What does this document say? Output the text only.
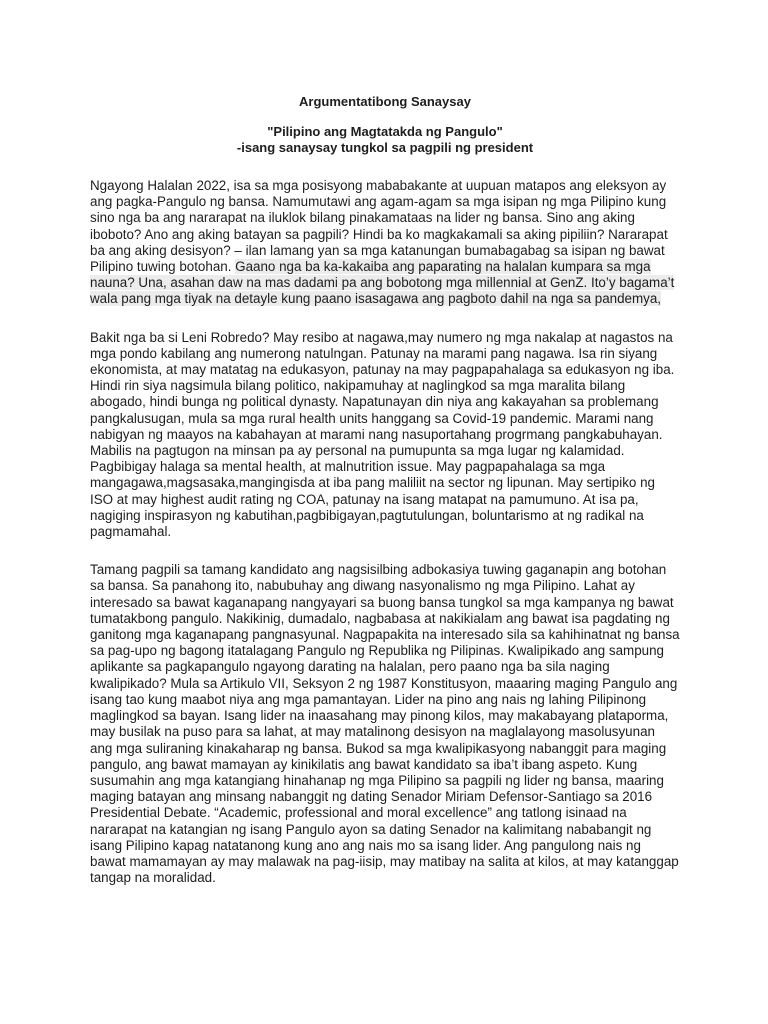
Argumentatibong Sanaysay

"Pilipino ang Magtatakda ng Pangulo"

-isang sanaysay tungkol sa pagpili ng president

Ngayong Halalan 2022, isa sa mga posisyong mababakante at uupuan matapos ang eleksyon ay ang pagka-Pangulo ng bansa. Namumutawi ang agam-agam sa mga isipan ng mga Pilipino kung sino nga ba ang nararapat na iluklok bilang pinakamataas na lider ng bansa. Sino ang aking iboboto? Ano ang aking batayan sa pagpili? Hindi ba ko magkakamali sa aking pipiliin? Nararapat ba ang aking desisyon? – ilan lamang yan sa mga katanungan bumabagabag sa isipan ng bawat Pilipino tuwing botohan. Gaano nga ba ka-kakaiba ang paparating na halalan kumpara sa mga nauna? Una, asahan daw na mas dadami pa ang bobotong mga millennial at GenZ. Ito’y bagama’t wala pang mga tiyak na detayle kung paano isasagawa ang pagboto dahil na nga sa pandemya,

Bakit nga ba si Leni Robredo? May resibo at nagawa,may numero ng mga nakalap at nagastos na mga pondo kabilang ang numerong natulngan. Patunay na marami pang nagawa. Isa rin siyang ekonomista, at may matatag na edukasyon, patunay na may pagpapahalaga sa edukasyon ng iba. Hindi rin siya nagsimula bilang politico, nakipamuhay at naglingkod sa mga maralita bilang abogado, hindi bunga ng political dynasty. Napatunayan din niya ang kakayahan sa problemang pangkalusugan, mula sa mga rural health units hanggang sa Covid-19 pandemic. Marami nang nabigyan ng maayos na kabahayan at marami nang nasuportahang progrmang pangkabuhayan. Mabilis na pagtugon na minsan pa ay personal na pumupunta sa mga lugar ng kalamidad. Pagbibigay halaga sa mental health, at malnutrition issue. May pagpapahalaga sa mga mangagawa,magsasaka,mangingisda at iba pang maliliit na sector ng lipunan. May sertipiko ng ISO at may highest audit rating ng COA, patunay na isang matapat na pamumuno. At isa pa, nagiging inspirasyon ng kabutihan,pagbibigayan,pagtutulungan, boluntarismo at ng radikal na pagmamahal.

Tamang pagpili sa tamang kandidato ang nagsisilbing adbokasiya tuwing gaganapin ang botohan sa bansa. Sa panahong ito, nabubuhay ang diwang nasyonalismo ng mga Pilipino. Lahat ay interesado sa bawat kaganapang nangyayari sa buong bansa tungkol sa mga kampanya ng bawat tumatakbong pangulo. Nakikinig, dumadalo, nagbabasa at nakikialam ang bawat isa pagdating ng ganitong mga kaganapang pangnasyunal. Nagpapakita na interesado sila sa kahihinatnat ng bansa sa pag-upo ng bagong itatalagang Pangulo ng Republika ng Pilipinas. Kwalipikado ang sampung aplikante sa pagkapangulo ngayong darating na halalan, pero paano nga ba sila naging kwalipikado? Mula sa Artikulo VII, Seksyon 2 ng 1987 Konstitusyon, maaaring maging Pangulo ang isang tao kung maabot niya ang mga pamantayan. Lider na pino ang nais ng lahing Pilipinong maglingkod sa bayan. Isang lider na inaasahang may pinong kilos, may makabayang plataporma, may busilak na puso para sa lahat, at may matalinong desisyon na maglalayong masolusyunan ang mga suliraning kinakaharap ng bansa. Bukod sa mga kwalipikasyong nabanggit para maging pangulo, ang bawat mamayan ay kinikilatis ang bawat kandidato sa iba’t ibang aspeto. Kung susumahin ang mga katangiang hinahanap ng mga Pilipino sa pagpili ng lider ng bansa, maaring maging batayan ang minsang nabanggit ng dating Senador Miriam Defensor-Santiago sa 2016 Presidential Debate. “Academic, professional and moral excellence” ang tatlong isinaad na nararapat na katangian ng isang Pangulo ayon sa dating Senador na kalimitang nababangit ng isang Pilipino kapag natatanong kung ano ang nais mo sa isang lider. Ang pangulong nais ng bawat mamamayan ay may malawak na pag-iisip, may matibay na salita at kilos, at may katanggap tangap na moralidad.
